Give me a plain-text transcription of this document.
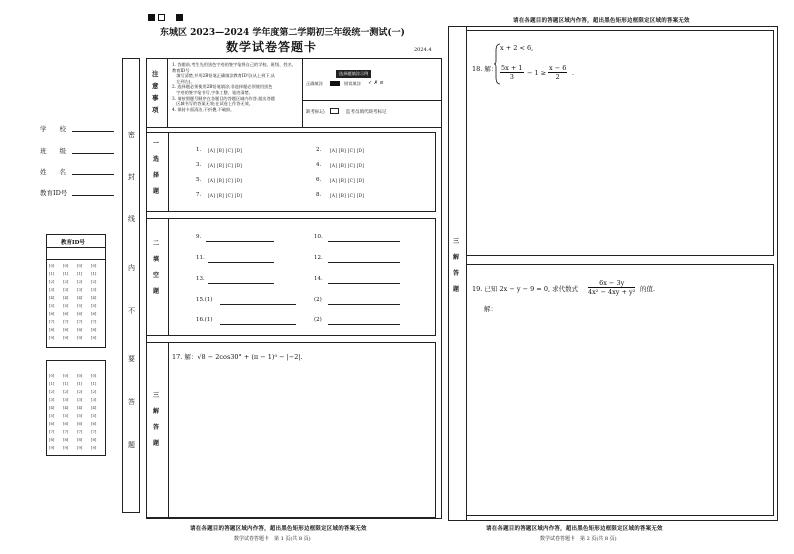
东城区 2023—2024 学年度第二学期初三年级统一测试(一)
数学试卷答题卡	2024.4
请在各题目的答题区域内作答，超出黑色矩形边框限定区域的答案无效
学　　校
班　　级
姓　　名
教育ID号
教育ID号
[0] [0] [0] [0]
[1] [1] [1] [1]
[2] [2] [2] [2]
[3] [3] [3] [3]
[4] [4] [4] [4]
[5] [5] [5] [5]
[6] [6] [6] [6]
[7] [7] [7] [7]
[8] [8] [8] [8]
[9] [9] [9] [9]
[0] [0] [0] [0]
[1] [1] [1] [1]
[2] [2] [2] [2]
[3] [3] [3] [3]
[4] [4] [4] [4]
[5] [5] [5] [5]
[6] [6] [6] [6]
[7] [7] [7] [7]
[8] [8] [8] [8]
[9] [9] [9] [9]
密
封
线
内
不
要
答
题
注
意
事
项
1. 答题前,考生先用黑色字迹的签字笔将自己的学校、班级、姓名、教育ID号
　填写清楚,并用2B铅笔正确填涂教育ID号(从上到下,从
　左到右)。
2. 选择题必须使用2B铅笔填涂;非选择题必须使用黑色
　字迹的签字笔书写,字体工整、笔迹清楚。
3. 请按照题号顺序在各题目的答题区域内作答,超出答题
　区域书写的答案无效;在试卷上作答无效。
4. 保持卡面清洁,不折叠,不破损。
选择题填涂示例
正确填涂	错误填涂 ✓ ✗ ⊘
缺考标记:	监考员填代缺考标记
一
选
择
题
1. [A] [B] [C] [D]	2. [A] [B] [C] [D]
3. [A] [B] [C] [D]	4. [A] [B] [C] [D]
5. [A] [B] [C] [D]	6. [A] [B] [C] [D]
7. [A] [B] [C] [D]	8. [A] [B] [C] [D]
二
填
空
题
9.	10.
11.	12.
13.	14.
15.(1)	(2)
16.(1)	(2)
三
解
答
题
17. 解：√8 − 2cos30° + (π − 1)⁰ − |−2|.
请在各题目的答题区域内作答，超出黑色矩形边框限定区域的答案无效
数学试卷答题卡　第 1 页(共 8 页)
三
解
答
题
18. 解：
x + 2 < 6,
5x + 1
3	− 1 ≥
x − 6
2	.
19. 已知 2x − y − 9 = 0, 求代数式
6x − 3y
4x² − 4xy + y² 的值.
解：
请在各题目的答题区域内作答，超出黑色矩形边框限定区域的答案无效
数学试卷答题卡　第 2 页(共 8 页)
